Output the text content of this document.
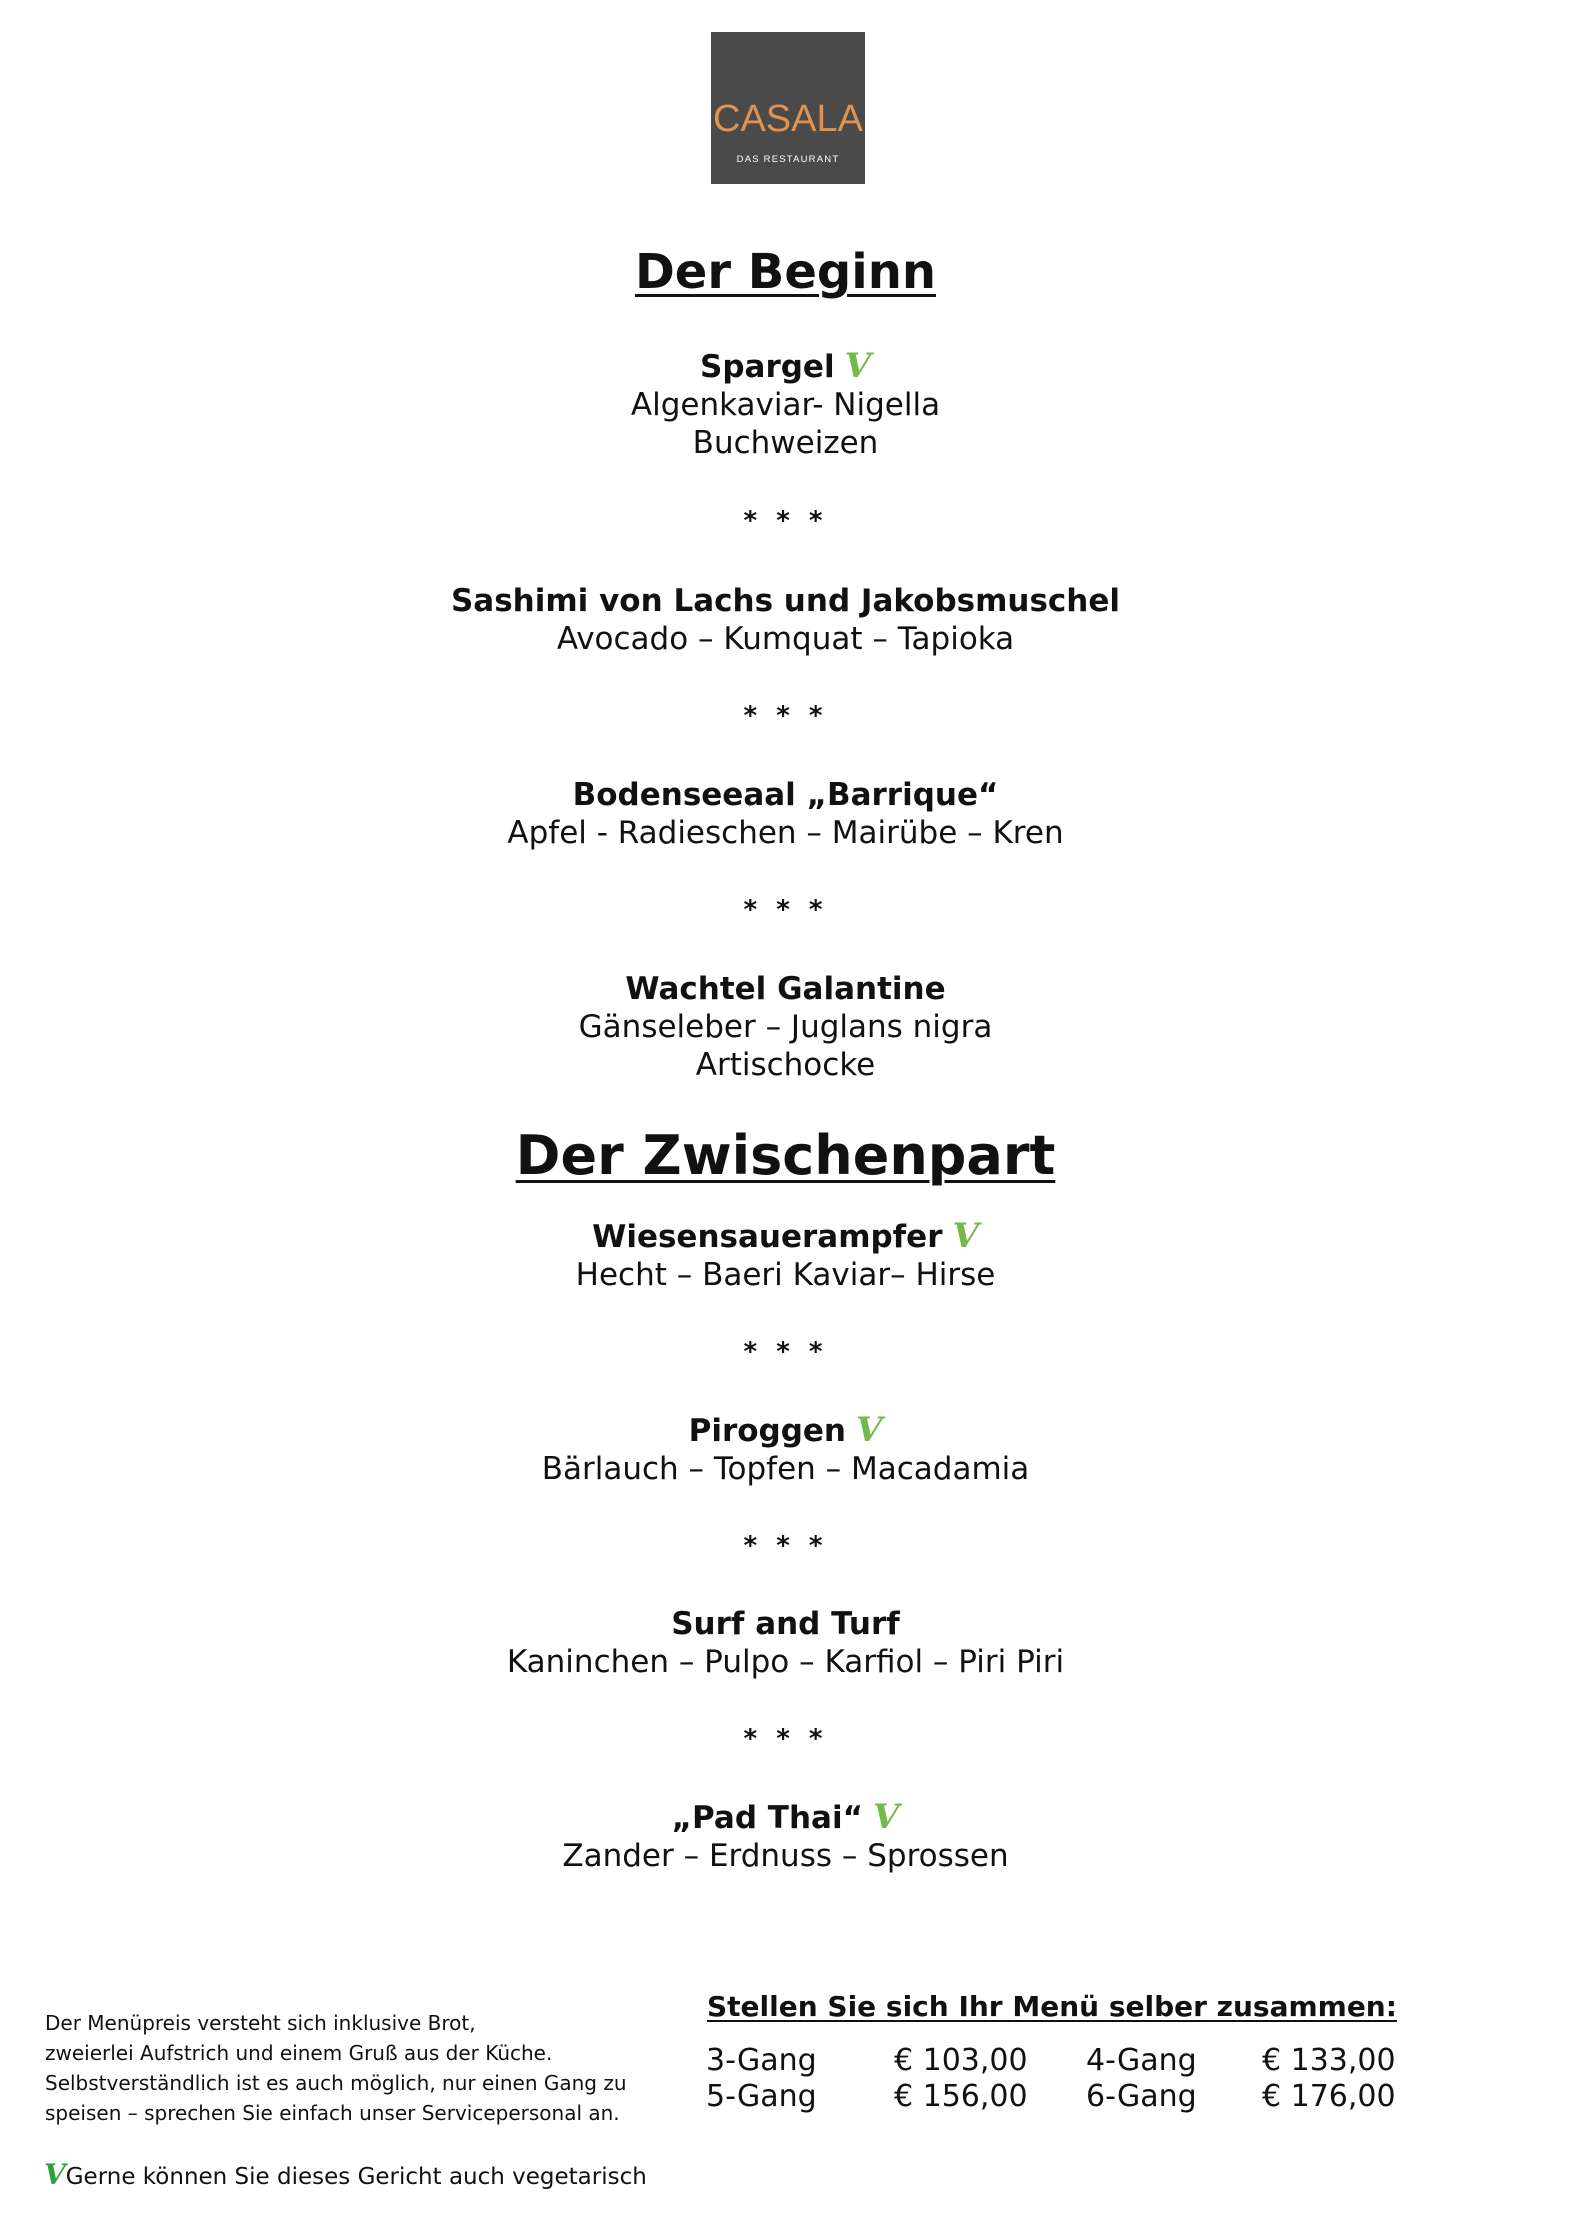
CASALA
DAS RESTAURANT
Der Beginn
Spargel V
Algenkaviar- Nigella
Buchweizen
* * *
Sashimi von Lachs und Jakobsmuschel
Avocado – Kumquat – Tapioka
* * *
Bodenseeaal „Barrique“
Apfel - Radieschen – Mairübe – Kren
* * *
Wachtel Galantine
Gänseleber – Juglans nigra
Artischocke
Der Zwischenpart
Wiesensauerampfer V
Hecht – Baeri Kaviar– Hirse
* * *
Piroggen V
Bärlauch – Topfen – Macadamia
* * *
Surf and Turf
Kaninchen – Pulpo – Karfiol – Piri Piri
* * *
„Pad Thai“ V
Zander – Erdnuss – Sprossen
Der Menüpreis versteht sich inklusive Brot,
zweierlei Aufstrich und einem Gruß aus der Küche.
Selbstverständlich ist es auch möglich, nur einen Gang zu
speisen – sprechen Sie einfach unser Servicepersonal an.
Stellen Sie sich Ihr Menü selber zusammen:
3-Gang	€ 103,00 4-Gang € 133,00
5-Gang	€ 156,00 6-Gang € 176,00
VGerne können Sie dieses Gericht auch vegetarisch
